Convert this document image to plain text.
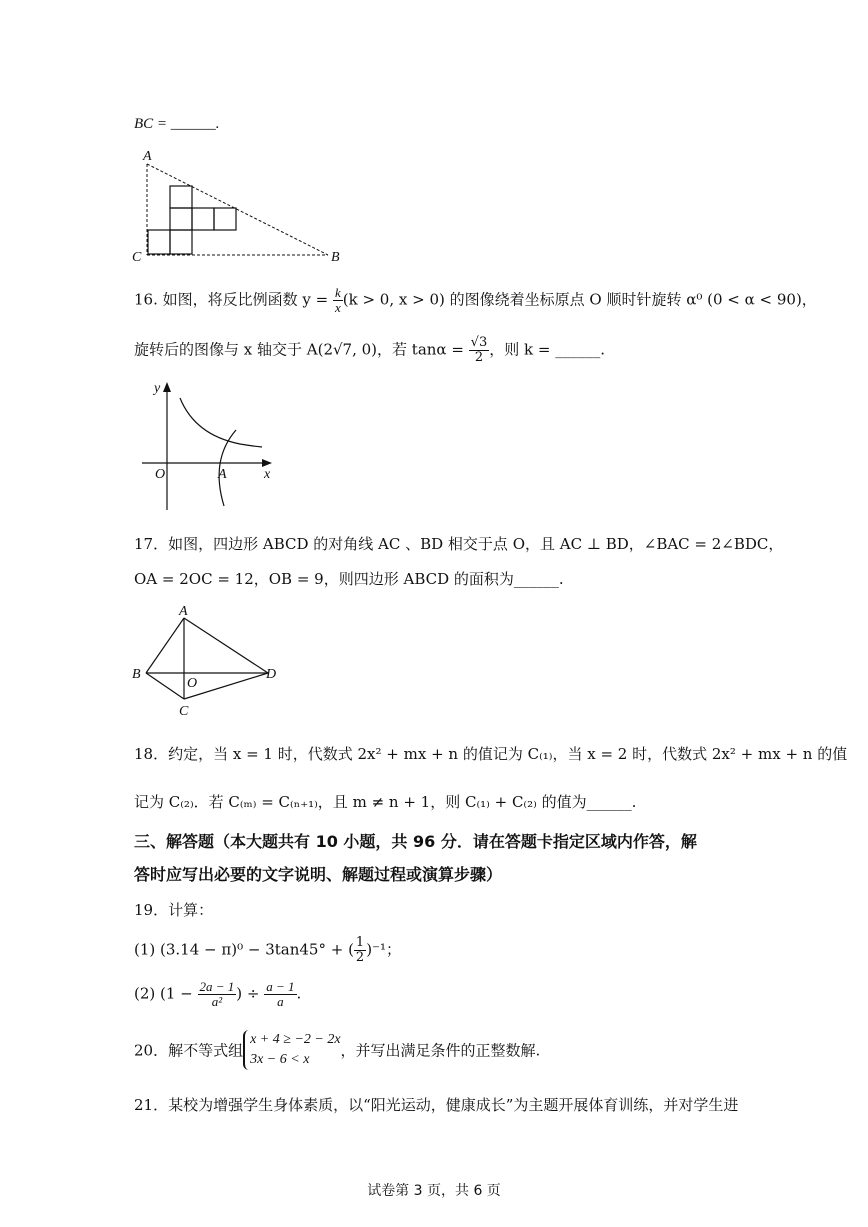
BC = ______.
A
C	B
16. 如图，将反比例函数 $y = \frac{k}{x} (k > 0$, x > 0) 的图像绕着坐标原点 O 顺时针旋转 α⁰ (0 < α < 90)，
旋转后的图像与 x 轴交于 A(2√7, 0)，若 $\tan\alpha = \frac{√3}{2}$ ，则 k = ______.
y
O	A	x
17．如图，四边形 ABCD 的对角线 AC 、BD 相交于点 O，且 AC ⊥ BD，∠BAC = 2∠BDC，
OA = 2OC = 12，OB = 9，则四边形 ABCD 的面积为______.
A
B
O
D
C
18．约定，当 x = 1 时，代数式 2x² + mx + n 的值记为 C₍₁₎，当 x = 2 时，代数式 2x² + mx + n 的值
记为 C₍₂₎．若 C₍ₘ₎ = C₍ₙ₊₁₎，且 m ≠ n + 1，则 C₍₁₎ + C₍₂₎ 的值为______.
三、解答题（本大题共有 10 小题，共 96 分．请在答题卡指定区域内作答，解
答时应写出必要的文字说明、解题过程或演算步骤）
19．计算：
(1) (3.14 − π)⁰ − 3tan45° + ( $\frac{1}{2} )^{-1}$；
(2) ($1 - \frac{2a - 1}{\text{a²}}$ ) ÷ $\frac{a - 1}{a}$ .
20．解不等式组
x + 4 ≥ −2 − 2x
3x − 6 < x	，并写出满足条件的正整数解.
21．某校为增强学生身体素质，以“阳光运动，健康成长”为主题开展体育训练，并对学生进
试卷第 3 页，共 6 页
